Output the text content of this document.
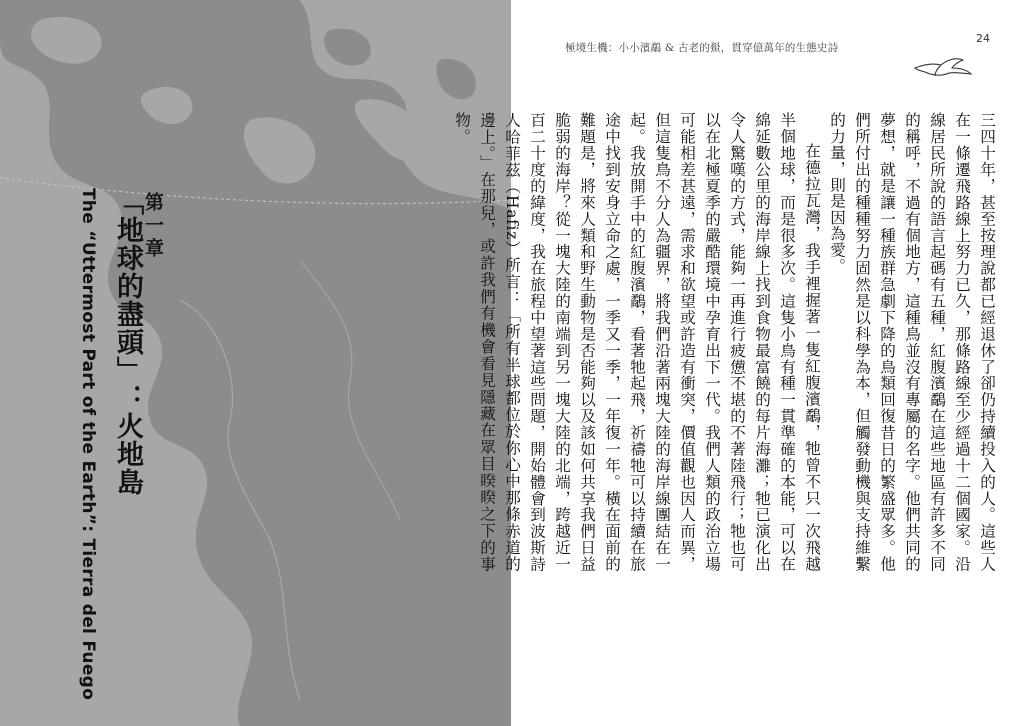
第一章
「地球的盡頭」：火地島
The “Uttermost Part of the Earth”: Tierra del Fuego
24
極境生機：小小濱鷸 & 古老的鱟，貫穿億萬年的生態史詩

三四十年，甚至按理說都已經退休了卻仍持續投入的人。這些人在一條遷飛路線上努力已久，那條路線至少經過十二個國家。沿線居民所說的語言起碼有五種，紅腹濱鷸在這些地區有許多不同的稱呼，不過有個地方，這種鳥並沒有專屬的名字。他們共同的夢想，就是讓一種族群急劇下降的鳥類回復昔日的繁盛眾多。他們所付出的種種努力固然是以科學為本，但觸發動機與支持維繫的力量，則是因為愛。

在德拉瓦灣，我手裡握著一隻紅腹濱鷸，牠曾不只一次飛越半個地球，而是很多次。這隻小鳥有種一貫準確的本能，可以在綿延數公里的海岸線上找到食物最富饒的每片海灘；牠已演化出令人驚嘆的方式，能夠一再進行疲憊不堪的不著陸飛行；牠也可以在北極夏季的嚴酷環境中孕育出下一代。我們人類的政治立場可能相差甚遠，需求和欲望或許造有衝突，價值觀也因人而異，但這隻鳥不分人為疆界，將我們沿著兩塊大陸的海岸線團結在一起。我放開手中的紅腹濱鷸，看著牠起飛，祈禱牠可以持續在旅途中找到安身立命之處，一季又一季，一年復一年。橫在面前的難題是，將來人類和野生動物是否能夠以及該如何共享我們日益脆弱的海岸？從一塊大陸的南端到另一塊大陸的北端，跨越近一百二十度的緯度，我在旅程中望著這些問題，開始體會到波斯詩人哈菲茲（Hafiz）所言：「所有半球都位於你心中那條赤道的邊上。」在那兒，或許我們有機會看見隱藏在眾目睽睽之下的事物。
